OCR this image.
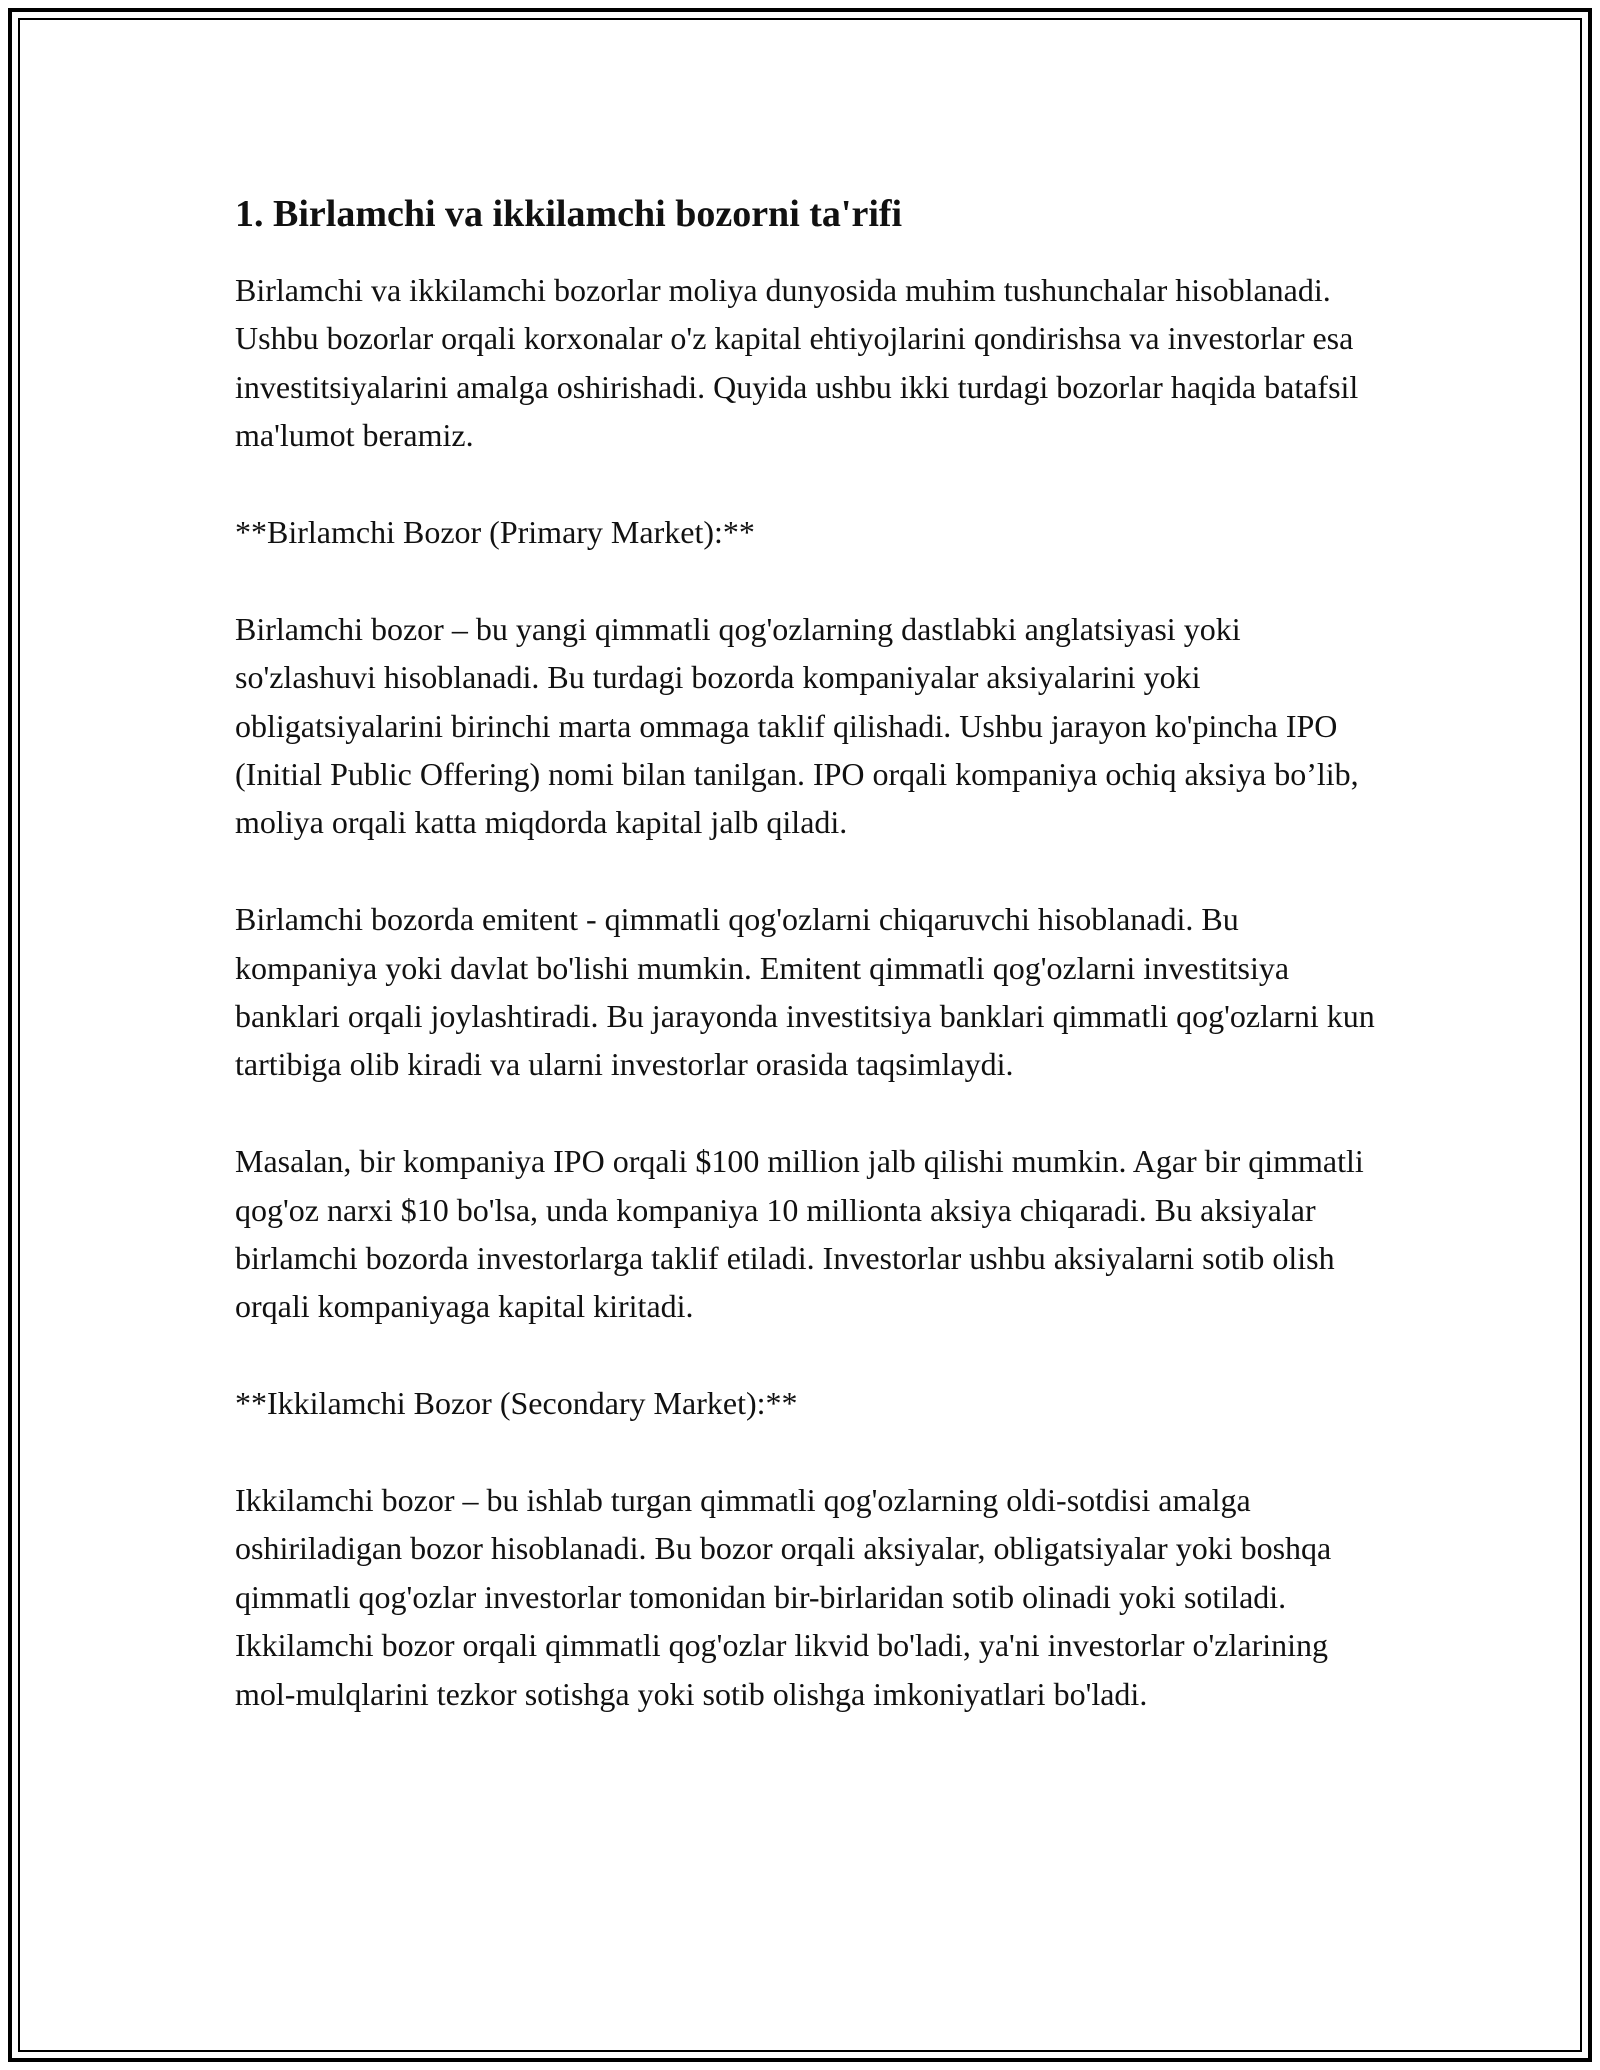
1. Birlamchi va ikkilamchi bozorni ta'rifi

Birlamchi va ikkilamchi bozorlar moliya dunyosida muhim tushunchalar hisoblanadi. Ushbu bozorlar orqali korxonalar o'z kapital ehtiyojlarini qondirishsa va investorlar esa investitsiyalarini amalga oshirishadi. Quyida ushbu ikki turdagi bozorlar haqida batafsil ma'lumot beramiz.

**Birlamchi Bozor (Primary Market):**

Birlamchi bozor – bu yangi qimmatli qog'ozlarning dastlabki anglatsiyasi yoki so'zlashuvi hisoblanadi. Bu turdagi bozorda kompaniyalar aksiyalarini yoki obligatsiyalarini birinchi marta ommaga taklif qilishadi. Ushbu jarayon ko'pincha IPO (Initial Public Offering) nomi bilan tanilgan. IPO orqali kompaniya ochiq aksiya bo’lib, moliya orqali katta miqdorda kapital jalb qiladi.

Birlamchi bozorda emitent - qimmatli qog'ozlarni chiqaruvchi hisoblanadi. Bu kompaniya yoki davlat bo'lishi mumkin. Emitent qimmatli qog'ozlarni investitsiya banklari orqali joylashtiradi. Bu jarayonda investitsiya banklari qimmatli qog'ozlarni kun tartibiga olib kiradi va ularni investorlar orasida taqsimlaydi.

Masalan, bir kompaniya IPO orqali $100 million jalb qilishi mumkin. Agar bir qimmatli qog'oz narxi $10 bo'lsa, unda kompaniya 10 millionta aksiya chiqaradi. Bu aksiyalar birlamchi bozorda investorlarga taklif etiladi. Investorlar ushbu aksiyalarni sotib olish orqali kompaniyaga kapital kiritadi.

**Ikkilamchi Bozor (Secondary Market):**

Ikkilamchi bozor – bu ishlab turgan qimmatli qog'ozlarning oldi-sotdisi amalga oshiriladigan bozor hisoblanadi. Bu bozor orqali aksiyalar, obligatsiyalar yoki boshqa qimmatli qog'ozlar investorlar tomonidan bir-birlaridan sotib olinadi yoki sotiladi. Ikkilamchi bozor orqali qimmatli qog'ozlar likvid bo'ladi, ya'ni investorlar o'zlarining mol-mulqlarini tezkor sotishga yoki sotib olishga imkoniyatlari bo'ladi.
